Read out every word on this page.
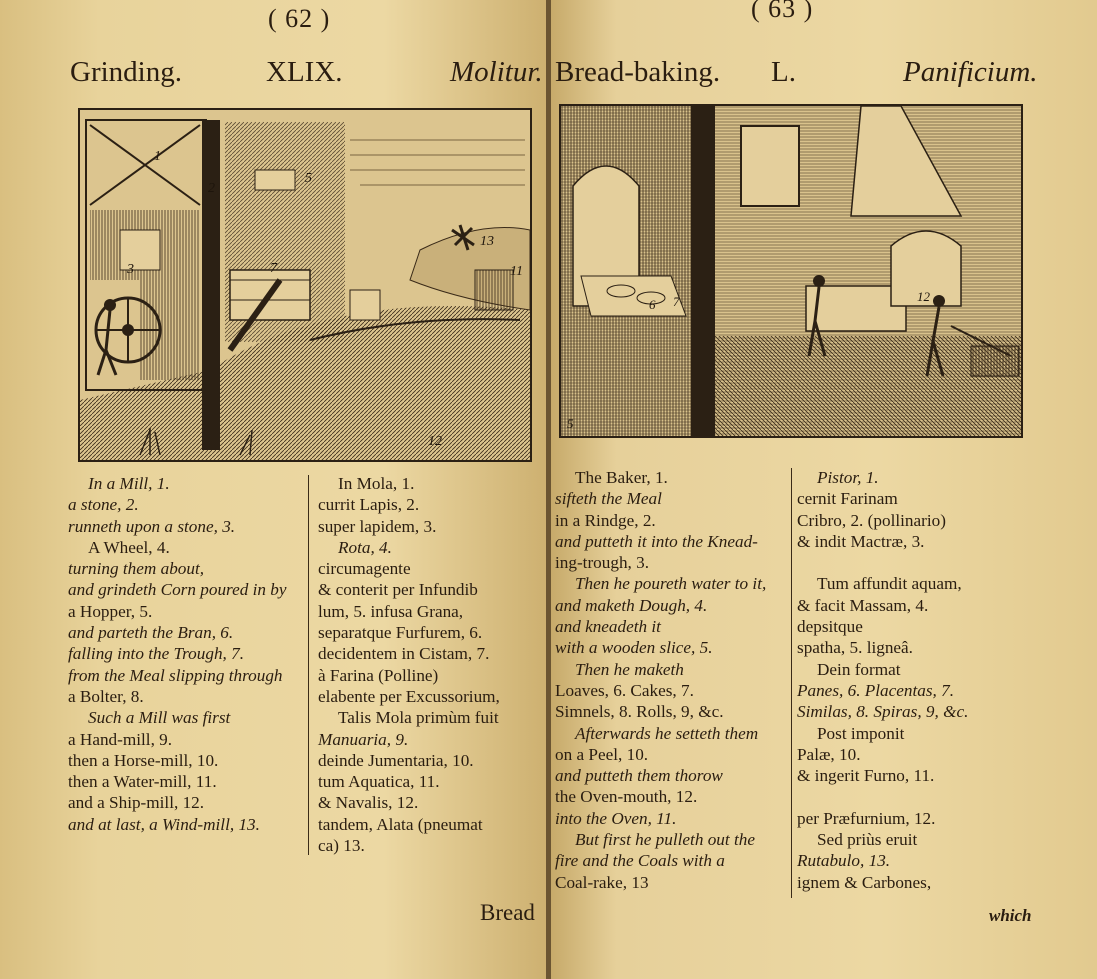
( 62 )
Grinding.	XLIX.	Molitur.
1
2
3
5
7
13
11
12
In a Mill, 1.
a stone, 2.
runneth upon a stone, 3.
A Wheel, 4.
turning them about,
and grindeth Corn poured in by
a Hopper, 5.
and parteth the Bran, 6.
falling into the Trough, 7.
from the Meal slipping through
a Bolter, 8.
Such a Mill was first
a Hand-mill, 9.
then a Horse-mill, 10.
then a Water-mill, 11.
and a Ship-mill, 12.
and at last, a Wind-mill, 13.
In Mola, 1.
currit Lapis, 2.
super lapidem, 3.
Rota, 4.
circumagente
& conterit per Infundib
lum, 5. infusa Grana,
separatque Furfurem, 6.
decidentem in Cistam, 7.
à Farina (Polline)
elabente per Excussorium,
Talis Mola primùm fuit
Manuaria, 9.
deinde Jumentaria, 10.
tum Aquatica, 11.
& Navalis, 12.
tandem, Alata (pneumat
ca) 13.
Bread
( 63 )
Bread-baking. L.	Panificium.
5
6 7	12
The Baker, 1.
sifteth the Meal
in a Rindge, 2.
and putteth it into the Knead-
ing-trough, 3.
Then he poureth water to it,
and maketh Dough, 4.
and kneadeth it
with a wooden slice, 5.
Then he maketh
Loaves, 6. Cakes, 7.
Simnels, 8. Rolls, 9, &c.
Afterwards he setteth them
on a Peel, 10.
and putteth them thorow
the Oven-mouth, 12.
into the Oven, 11.
But first he pulleth out the
fire and the Coals with a
Coal-rake, 13
Pistor, 1.
cernit Farinam
Cribro, 2. (pollinario)
& indit Mactræ, 3.
Tum affundit aquam,
& facit Massam, 4.
depsitque
spatha, 5. ligneâ.
Dein format
Panes, 6. Placentas, 7.
Similas, 8. Spiras, 9, &c.
Post imponit
Palæ, 10.
& ingerit Furno, 11.
per Præfurnium, 12.
Sed priùs eruit
Rutabulo, 13.
ignem & Carbones,
which
